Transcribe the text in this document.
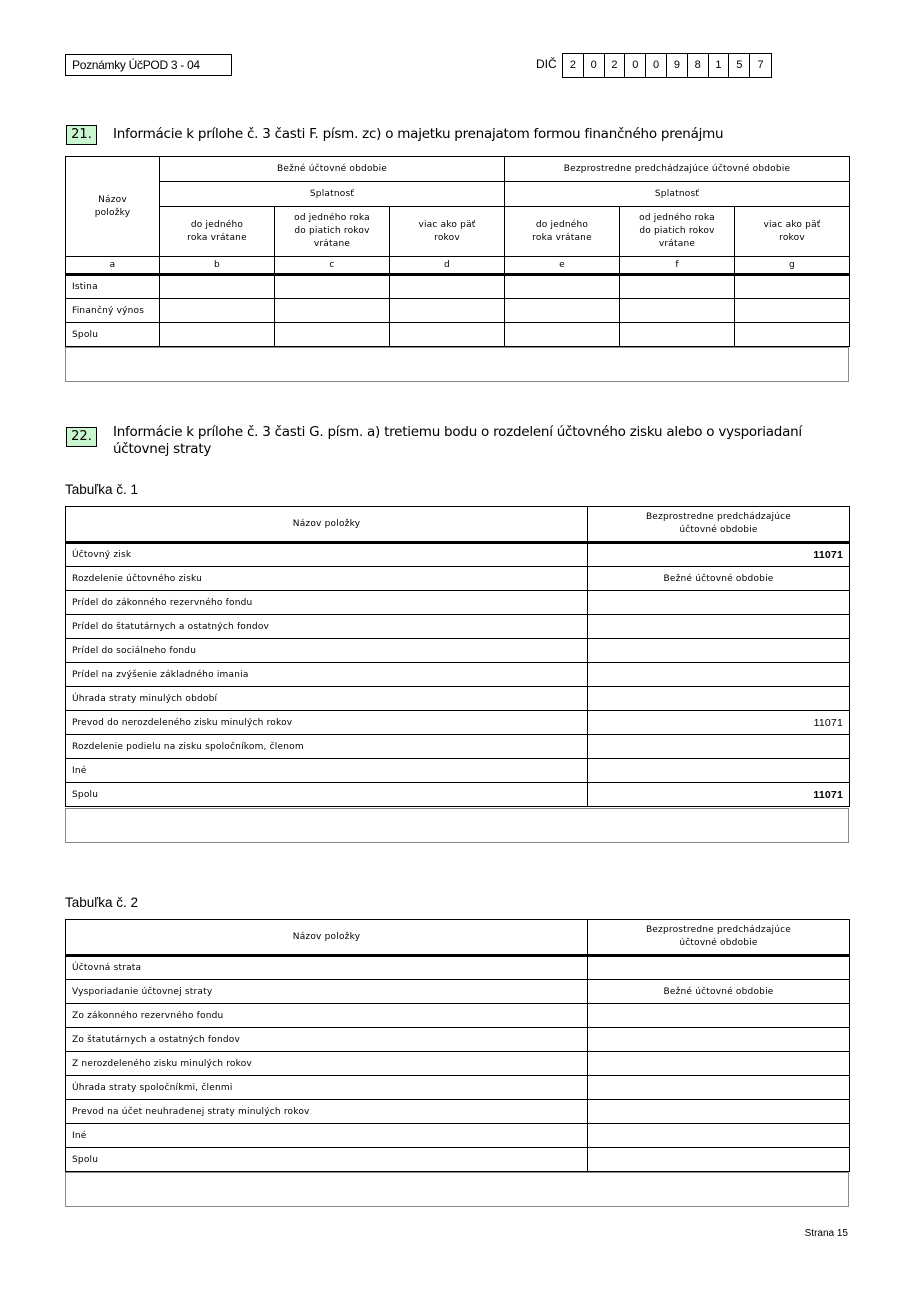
Poznámky ÚčPOD 3 - 04	DIČ	2	0	2	0	0	9	8	1	5	7
21.	Informácie k prílohe č. 3 časti F. písm. zc) o majetku prenajatom formou finančného prenájmu
Názov položky	Bežné účtovné obdobie			Bezprostredne predchádzajúce účtovné obdobie		
	Splatnosť			Splatnosť		
	do jedného roka vrátane	od jedného roka do piatich rokov vrátane	viac ako päť rokov	do jedného roka vrátane	od jedného roka do piatich rokov vrátane	viac ako päť rokov
a	b	c	d	e	f	g
Istina						
Finančný výnos						
Spolu						
22.	Informácie k prílohe č. 3 časti G. písm. a) tretiemu bodu o rozdelení účtovného zisku alebo o vysporiadaní
účtovnej straty
Tabuľka č. 1
Názov položky	Bezprostredne predchádzajúce účtovné obdobie
Účtovný zisk	11071
Rozdelenie účtovného zisku	Bežné účtovné obdobie
Prídel do zákonného rezervného fondu	
Prídel do štatutárnych a ostatných fondov	
Prídel do sociálneho fondu	
Prídel na zvýšenie základného imania	
Úhrada straty minulých období	
Prevod do nerozdeleného zisku minulých rokov	11071
Rozdelenie podielu na zisku spoločníkom, členom	
Iné	
Spolu	11071
Tabuľka č. 2
Názov položky	Bezprostredne predchádzajúce účtovné obdobie
Účtovná strata	
Vysporiadanie účtovnej straty	Bežné účtovné obdobie
Zo zákonného rezervného fondu	
Zo štatutárnych a ostatných fondov	
Z nerozdeleného zisku minulých rokov	
Úhrada straty spoločníkmi, členmi	
Prevod na účet neuhradenej straty minulých rokov	
Iné	
Spolu	
Strana 15
